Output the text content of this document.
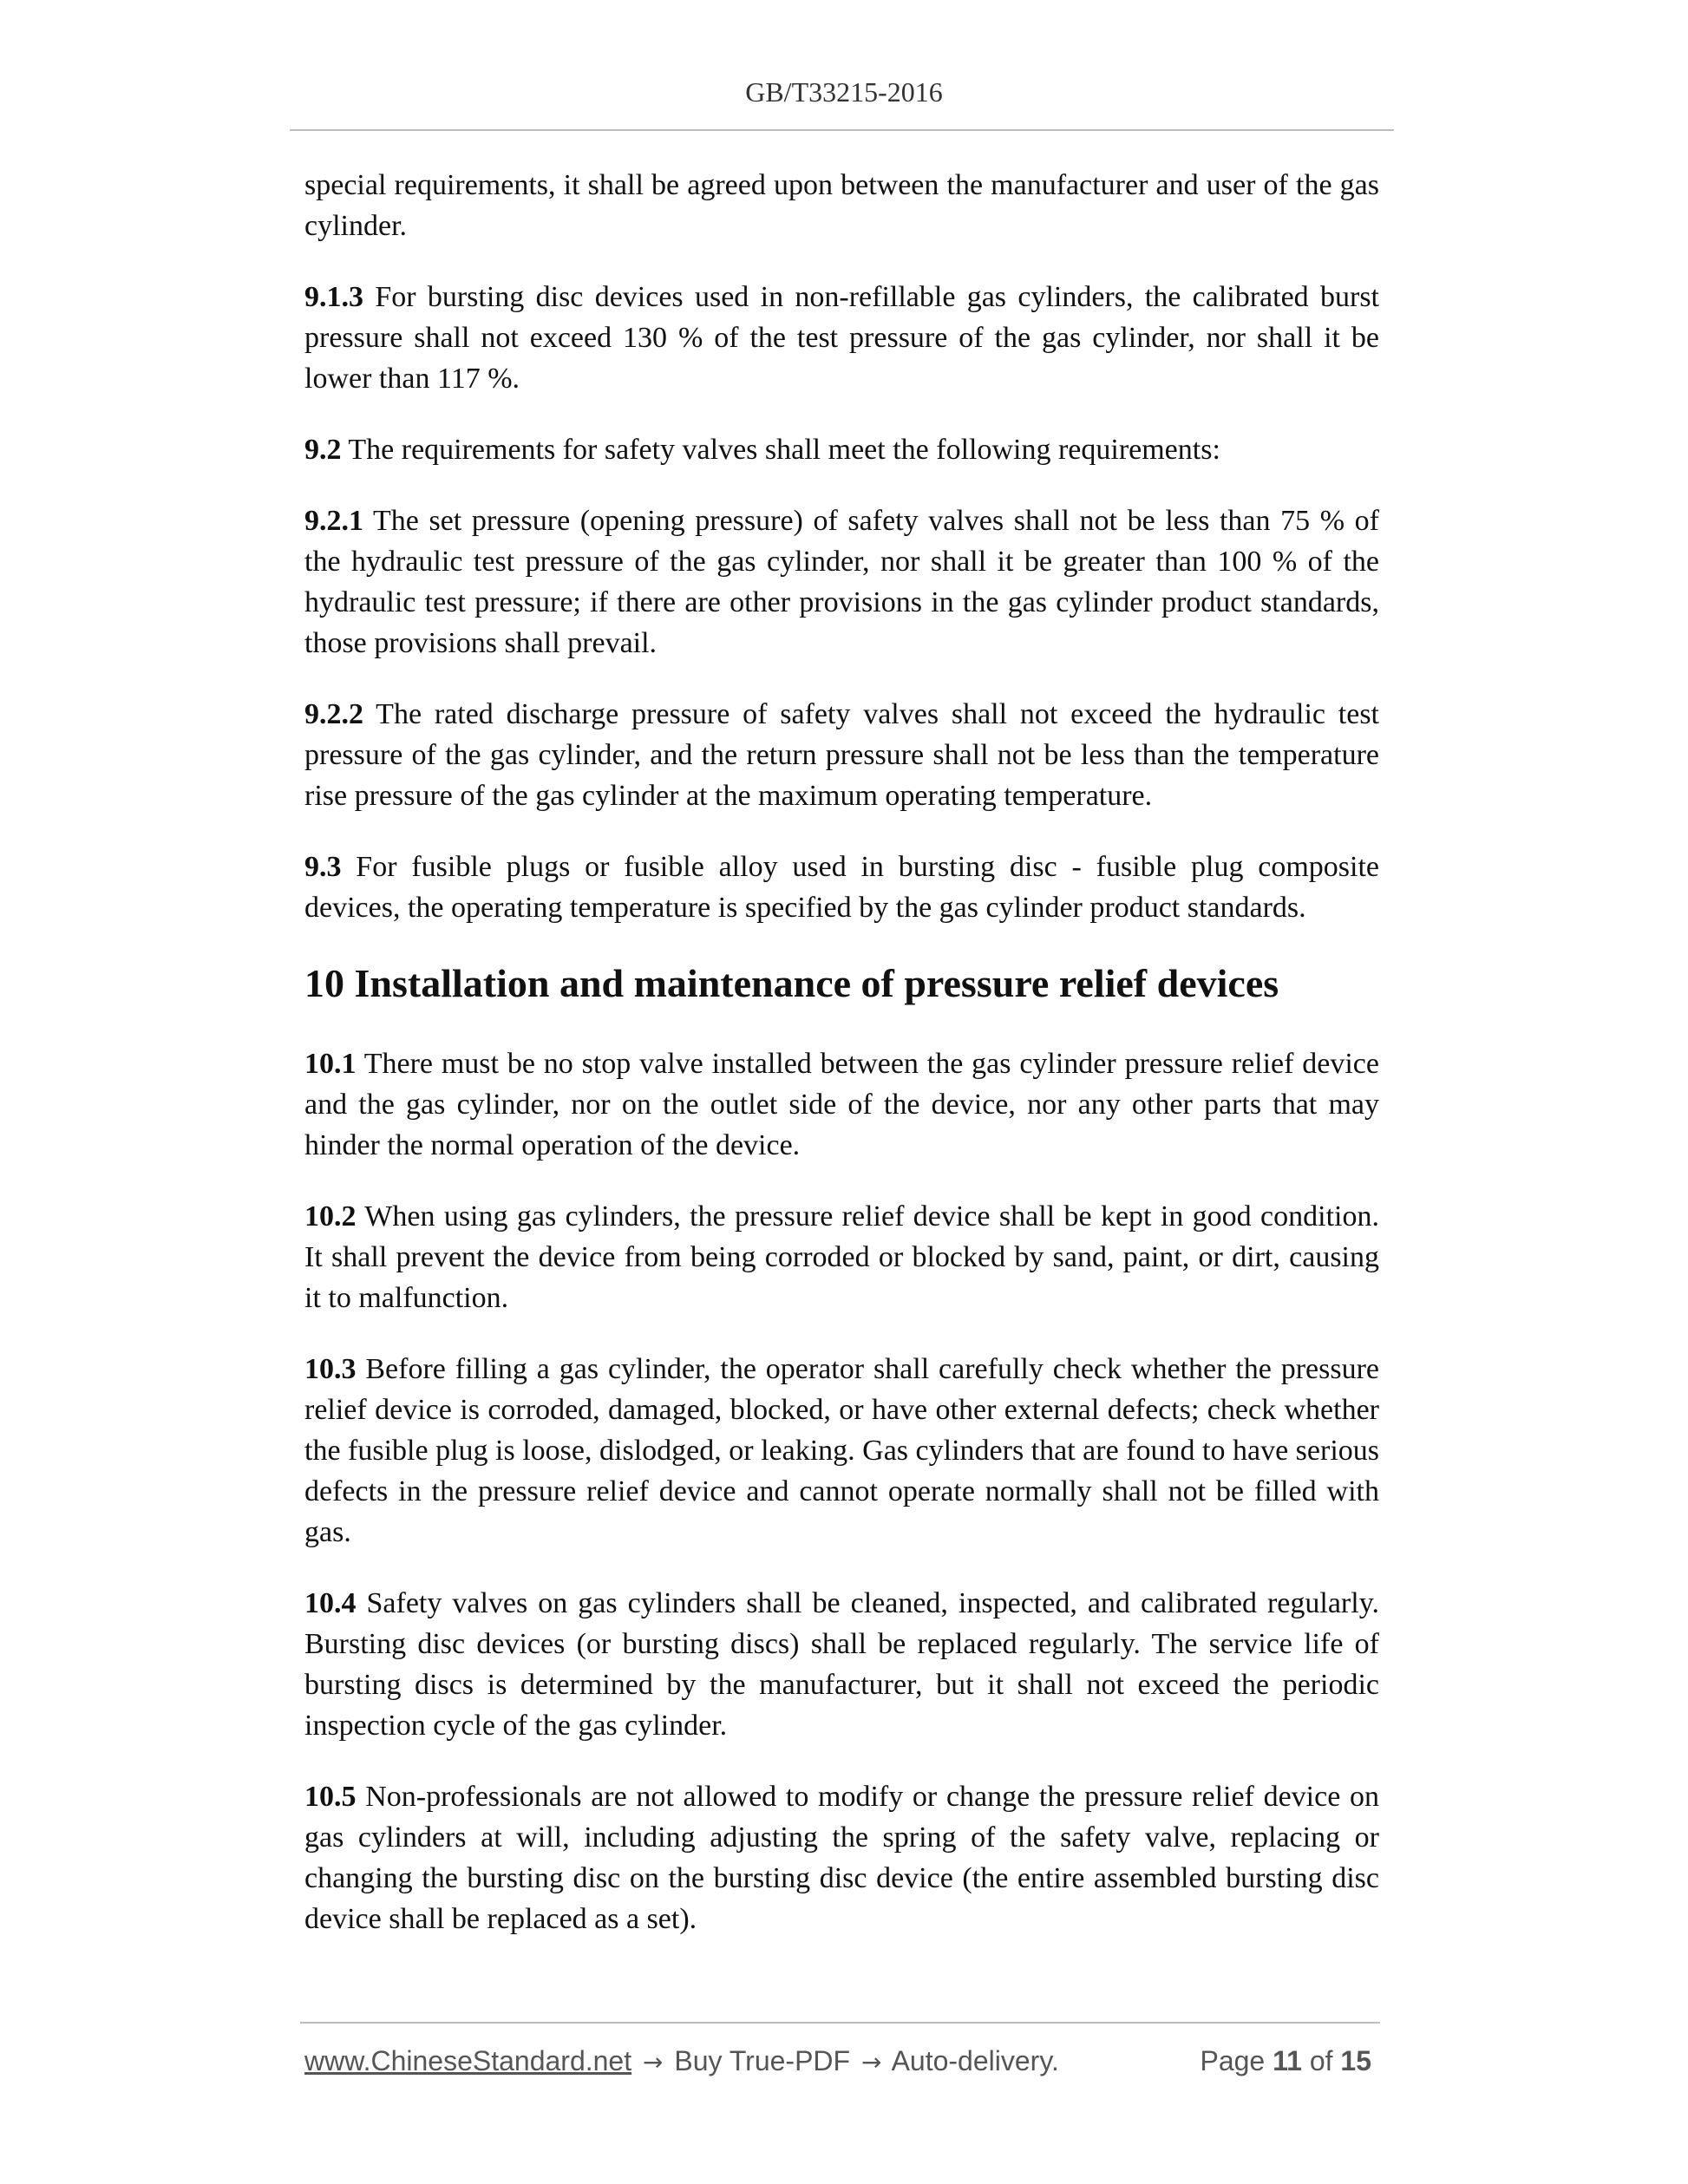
GB/T33215-2016

special requirements, it shall be agreed upon between the manufacturer and user of the gas cylinder.

9.1.3 For bursting disc devices used in non-refillable gas cylinders, the calibrated burst pressure shall not exceed 130 % of the test pressure of the gas cylinder, nor shall it be lower than 117 %.

9.2 The requirements for safety valves shall meet the following requirements:

9.2.1 The set pressure (opening pressure) of safety valves shall not be less than 75 % of the hydraulic test pressure of the gas cylinder, nor shall it be greater than 100 % of the hydraulic test pressure; if there are other provisions in the gas cylinder product standards, those provisions shall prevail.

9.2.2 The rated discharge pressure of safety valves shall not exceed the hydraulic test pressure of the gas cylinder, and the return pressure shall not be less than the temperature rise pressure of the gas cylinder at the maximum operating temperature.

9.3 For fusible plugs or fusible alloy used in bursting disc - fusible plug composite devices, the operating temperature is specified by the gas cylinder product standards.

10 Installation and maintenance of pressure relief devices

10.1 There must be no stop valve installed between the gas cylinder pressure relief device and the gas cylinder, nor on the outlet side of the device, nor any other parts that may hinder the normal operation of the device.

10.2 When using gas cylinders, the pressure relief device shall be kept in good condition. It shall prevent the device from being corroded or blocked by sand, paint, or dirt, causing it to malfunction.

10.3 Before filling a gas cylinder, the operator shall carefully check whether the pressure relief device is corroded, damaged, blocked, or have other external defects; check whether the fusible plug is loose, dislodged, or leaking. Gas cylinders that are found to have serious defects in the pressure relief device and cannot operate normally shall not be filled with gas.

10.4 Safety valves on gas cylinders shall be cleaned, inspected, and calibrated regularly. Bursting disc devices (or bursting discs) shall be replaced regularly. The service life of bursting discs is determined by the manufacturer, but it shall not exceed the periodic inspection cycle of the gas cylinder.

10.5 Non-professionals are not allowed to modify or change the pressure relief device on gas cylinders at will, including adjusting the spring of the safety valve, replacing or changing the bursting disc on the bursting disc device (the entire assembled bursting disc device shall be replaced as a set).

www.ChineseStandard.net → Buy True-PDF → Auto-delivery.	Page 11 of 15
